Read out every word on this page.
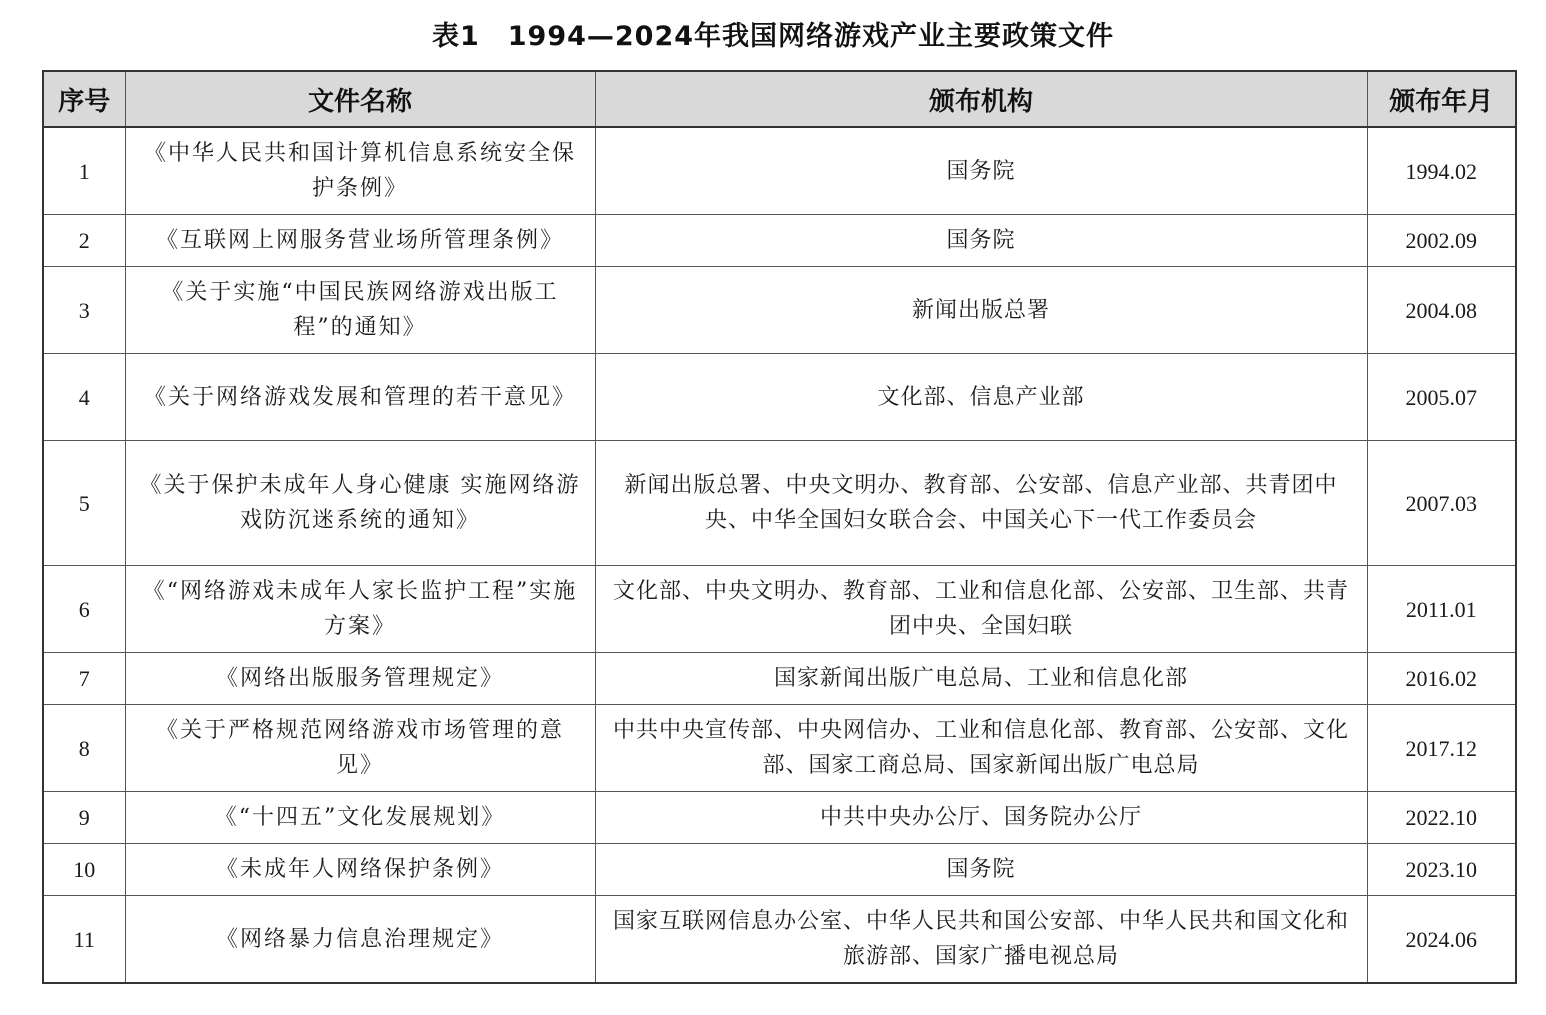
表1　1994—2024年我国网络游戏产业主要政策文件
序号	文件名称	颁布机构	颁布年月
1	《中华人民共和国计算机信息系统安全保护条例》	国务院	1994.02
2	《互联网上网服务营业场所管理条例》	国务院	2002.09
3	《关于实施“中国民族网络游戏出版工程”的通知》	新闻出版总署	2004.08
4	《关于网络游戏发展和管理的若干意见》	文化部、信息产业部	2005.07
5	《关于保护未成年人身心健康 实施网络游戏防沉迷系统的通知》	新闻出版总署、中央文明办、教育部、公安部、信息产业部、共青团中央、中华全国妇女联合会、中国关心下一代工作委员会	2007.03
6	《“网络游戏未成年人家长监护工程”实施方案》	文化部、中央文明办、教育部、工业和信息化部、公安部、卫生部、共青团中央、全国妇联	2011.01
7	《网络出版服务管理规定》	国家新闻出版广电总局、工业和信息化部	2016.02
8	《关于严格规范网络游戏市场管理的意见》	中共中央宣传部、中央网信办、工业和信息化部、教育部、公安部、文化部、国家工商总局、国家新闻出版广电总局	2017.12
9	《“十四五”文化发展规划》	中共中央办公厅、国务院办公厅	2022.10
10	《未成年人网络保护条例》	国务院	2023.10
11	《网络暴力信息治理规定》	国家互联网信息办公室、中华人民共和国公安部、中华人民共和国文化和旅游部、国家广播电视总局	2024.06
